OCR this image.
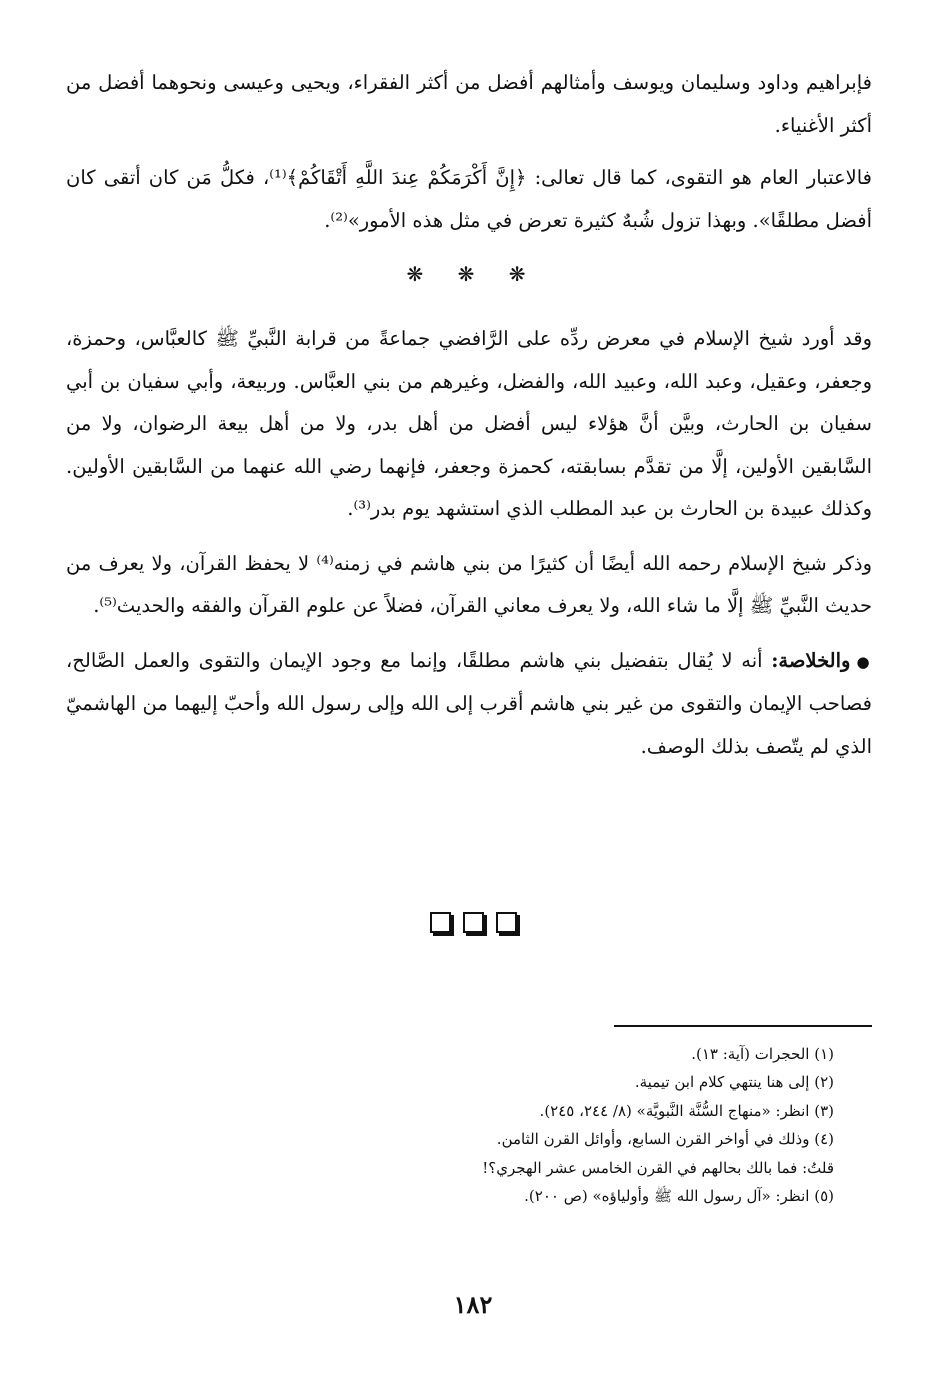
فإبراهيم وداود وسليمان ويوسف وأمثالهم أفضل من أكثر الفقراء، ويحيى وعيسى ونحوهما أفضل من أكثر الأغنياء.

فالاعتبار العام هو التقوى، كما قال تعالى: ﴿إِنَّ أَكْرَمَكُمْ عِندَ اللَّهِ أَتْقَاكُمْ﴾⁽¹⁾، فكلُّ مَن كان أتقى كان أفضل مطلقًا». وبهذا تزول شُبهٌ كثيرة تعرض في مثل هذه الأمور»⁽²⁾.

❋ ❋ ❋

وقد أورد شيخ الإسلام في معرض ردِّه على الرَّافضي جماعةً من قرابة النَّبيِّ ﷺ كالعبَّاس، وحمزة، وجعفر، وعقيل، وعبد الله، وعبيد الله، والفضل، وغيرهم من بني العبَّاس. وربيعة، وأبي سفيان بن أبي سفيان بن الحارث، وبيَّن أنَّ هؤلاء ليس أفضل من أهل بدر، ولا من أهل بيعة الرضوان، ولا من السَّابقين الأولين، إلَّا من تقدَّم بسابقته، كحمزة وجعفر، فإنهما رضي الله عنهما من السَّابقين الأولين. وكذلك عبيدة بن الحارث بن عبد المطلب الذي استشهد يوم بدر⁽³⁾.

وذكر شيخ الإسلام رحمه الله أيضًا أن كثيرًا من بني هاشم في زمنه⁽⁴⁾ لا يحفظ القرآن، ولا يعرف من حديث النَّبيِّ ﷺ إلَّا ما شاء الله، ولا يعرف معاني القرآن، فضلاً عن علوم القرآن والفقه والحديث⁽⁵⁾.

●والخلاصة: أنه لا يُقال بتفضيل بني هاشم مطلقًا، وإنما مع وجود الإيمان والتقوى والعمل الصَّالح، فصاحب الإيمان والتقوى من غير بني هاشم أقرب إلى الله وإلى رسول الله وأحبّ إليهما من الهاشميّ الذي لم يتّصف بذلك الوصف.

(١) الحجرات (آية: ١٣).

(٢) إلى هنا ينتهي كلام ابن تيمية.

(٣) انظر: «منهاج السُّنَّة النَّبويَّة» (٨/ ٢٤٤، ٢٤٥).

(٤) وذلك في أواخر القرن السابع، وأوائل القرن الثامن.

قلتُ: فما بالك بحالهم في القرن الخامس عشر الهجري؟!

(٥) انظر: «آل رسول الله ﷺ وأولياؤه» (ص ٢٠٠).

١٨٢
